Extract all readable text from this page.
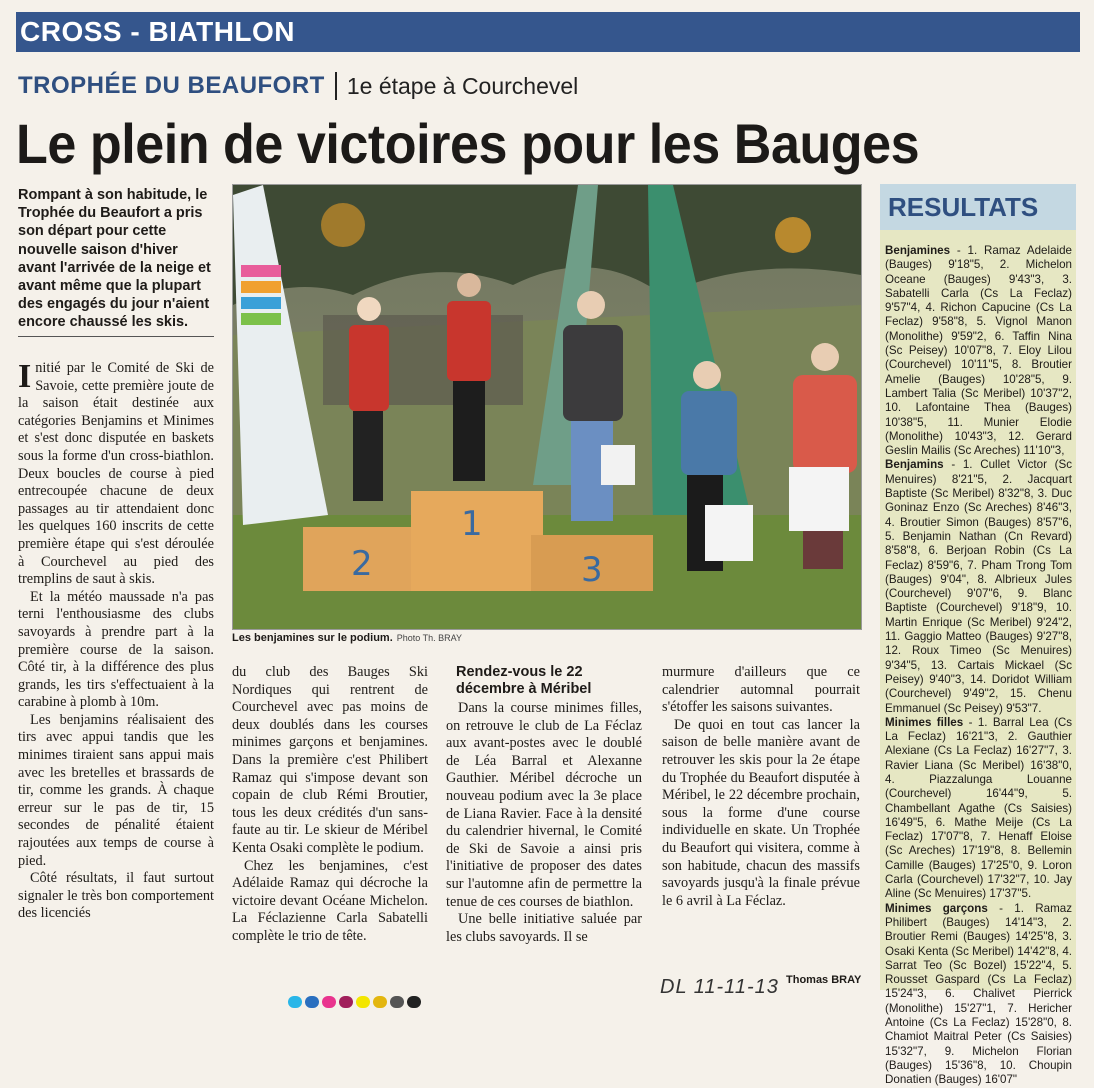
CROSS - BIATHLON
TROPHÉE DU BEAUFORT 1e étape à Courchevel
Le plein de victoires pour les Bauges
Rompant à son habitude, le Trophée du Beaufort a pris son départ pour cette nouvelle saison d'hiver avant l'arrivée de la neige et avant même que la plupart des engagés du jour n'aient encore chaussé les skis.

Initié par le Comité de Ski de Savoie, cette première joute de la saison était destinée aux catégories Benjamins et Minimes et s'est donc disputée en baskets sous la forme d'un cross-biathlon. Deux boucles de course à pied entrecoupée chacune de deux passages au tir attendaient donc les quelques 160 inscrits de cette première étape qui s'est déroulée à Courchevel au pied des tremplins de saut à skis.

Et la météo maussade n'a pas terni l'enthousiasme des clubs savoyards à prendre part à la première course de la saison. Côté tir, à la différence des plus grands, les tirs s'effectuaient à la carabine à plomb à 10m.

Les benjamins réalisaient des tirs avec appui tandis que les minimes tiraient sans appui mais avec les bretelles et brassards de tir, comme les grands. À chaque erreur sur le pas de tir, 15 secondes de pénalité étaient rajoutées aux temps de course à pied.

Côté résultats, il faut surtout signaler le très bon comportement des licenciés

2
1
3
Les benjamines sur le podium. Photo Th. BRAY

du club des Bauges Ski Nordiques qui rentrent de Courchevel avec pas moins de deux doublés dans les courses minimes garçons et benjamines. Dans la première c'est Philibert Ramaz qui s'impose devant son copain de club Rémi Broutier, tous les deux crédités d'un sans-faute au tir. Le skieur de Méribel Kenta Osaki complète le podium.

Chez les benjamines, c'est Adélaide Ramaz qui décroche la victoire devant Océane Michelon. La Féclazienne Carla Sabatelli complète le trio de tête.

Rendez-vous le 22 décembre à Méribel

Dans la course minimes filles, on retrouve le club de La Féclaz aux avant-postes avec le doublé de Léa Barral et Alexanne Gauthier. Méribel décroche un nouveau podium avec la 3e place de Liana Ravier. Face à la densité du calendrier hivernal, le Comité de Ski de Savoie a ainsi pris l'initiative de proposer des dates sur l'automne afin de permettre la tenue de ces courses de biathlon.

Une belle initiative saluée par les clubs savoyards. Il se

murmure d'ailleurs que ce calendrier automnal pourrait s'étoffer les saisons suivantes.

De quoi en tout cas lancer la saison de belle manière avant de retrouver les skis pour la 2e étape du Trophée du Beaufort disputée à Méribel, le 22 décembre prochain, sous la forme d'une course individuelle en skate. Un Trophée du Beaufort qui visitera, comme à son habitude, chacun des massifs savoyards jusqu'à la finale prévue le 6 avril à La Féclaz.

DL 11-11-13 Thomas BRAY
RESULTATS

Benjamines - 1. Ramaz Adelaide (Bauges) 9'18"5, 2. Michelon Oceane (Bauges) 9'43"3, 3. Sabatelli Carla (Cs La Feclaz) 9'57"4, 4. Richon Capucine (Cs La Feclaz) 9'58"8, 5. Vignol Manon (Monolithe) 9'59"2, 6. Taffin Nina (Sc Peisey) 10'07"8, 7. Eloy Lilou (Courchevel) 10'11"5, 8. Broutier Amelie (Bauges) 10'28"5, 9. Lambert Talia (Sc Meribel) 10'37"2, 10. Lafontaine Thea (Bauges) 10'38"5, 11. Munier Elodie (Monolithe) 10'43"3, 12. Gerard Geslin Mailis (Sc Areches) 11'10"3,

Benjamins - 1. Cullet Victor (Sc Menuires) 8'21"5, 2. Jacquart Baptiste (Sc Meribel) 8'32"8, 3. Duc Goninaz Enzo (Sc Areches) 8'46"3, 4. Broutier Simon (Bauges) 8'57"6, 5. Benjamin Nathan (Cn Revard) 8'58"8, 6. Berjoan Robin (Cs La Feclaz) 8'59"6, 7. Pham Trong Tom (Bauges) 9'04", 8. Albrieux Jules (Courchevel) 9'07"6, 9. Blanc Baptiste (Courchevel) 9'18"9, 10. Martin Enrique (Sc Meribel) 9'24"2, 11. Gaggio Matteo (Bauges) 9'27"8, 12. Roux Timeo (Sc Menuires) 9'34"5, 13. Cartais Mickael (Sc Peisey) 9'40"3, 14. Doridot William (Courchevel) 9'49"2, 15. Chenu Emmanuel (Sc Peisey) 9'53"7.

Minimes filles - 1. Barral Lea (Cs La Feclaz) 16'21"3, 2. Gauthier Alexiane (Cs La Feclaz) 16'27"7, 3. Ravier Liana (Sc Meribel) 16'38"0, 4. Piazzalunga Louanne (Courchevel) 16'44"9, 5. Chambellant Agathe (Cs Saisies) 16'49"5, 6. Mathe Meije (Cs La Feclaz) 17'07"8, 7. Henaff Eloise (Sc Areches) 17'19"8, 8. Bellemin Camille (Bauges) 17'25"0, 9. Loron Carla (Courchevel) 17'32"7, 10. Jay Aline (Sc Menuires) 17'37"5.

Minimes garçons - 1. Ramaz Philibert (Bauges) 14'14"3, 2. Broutier Remi (Bauges) 14'25"8, 3. Osaki Kenta (Sc Meribel) 14'42"8, 4. Sarrat Teo (Sc Bozel) 15'22"4, 5. Rousset Gaspard (Cs La Feclaz) 15'24"3, 6. Chalivet Pierrick (Monolithe) 15'27"1, 7. Hericher Antoine (Cs La Feclaz) 15'28"0, 8. Chamiot Maitral Peter (Cs Saisies) 15'32"7, 9. Michelon Florian (Bauges) 15'36"8, 10. Choupin Donatien (Bauges) 16'07"
